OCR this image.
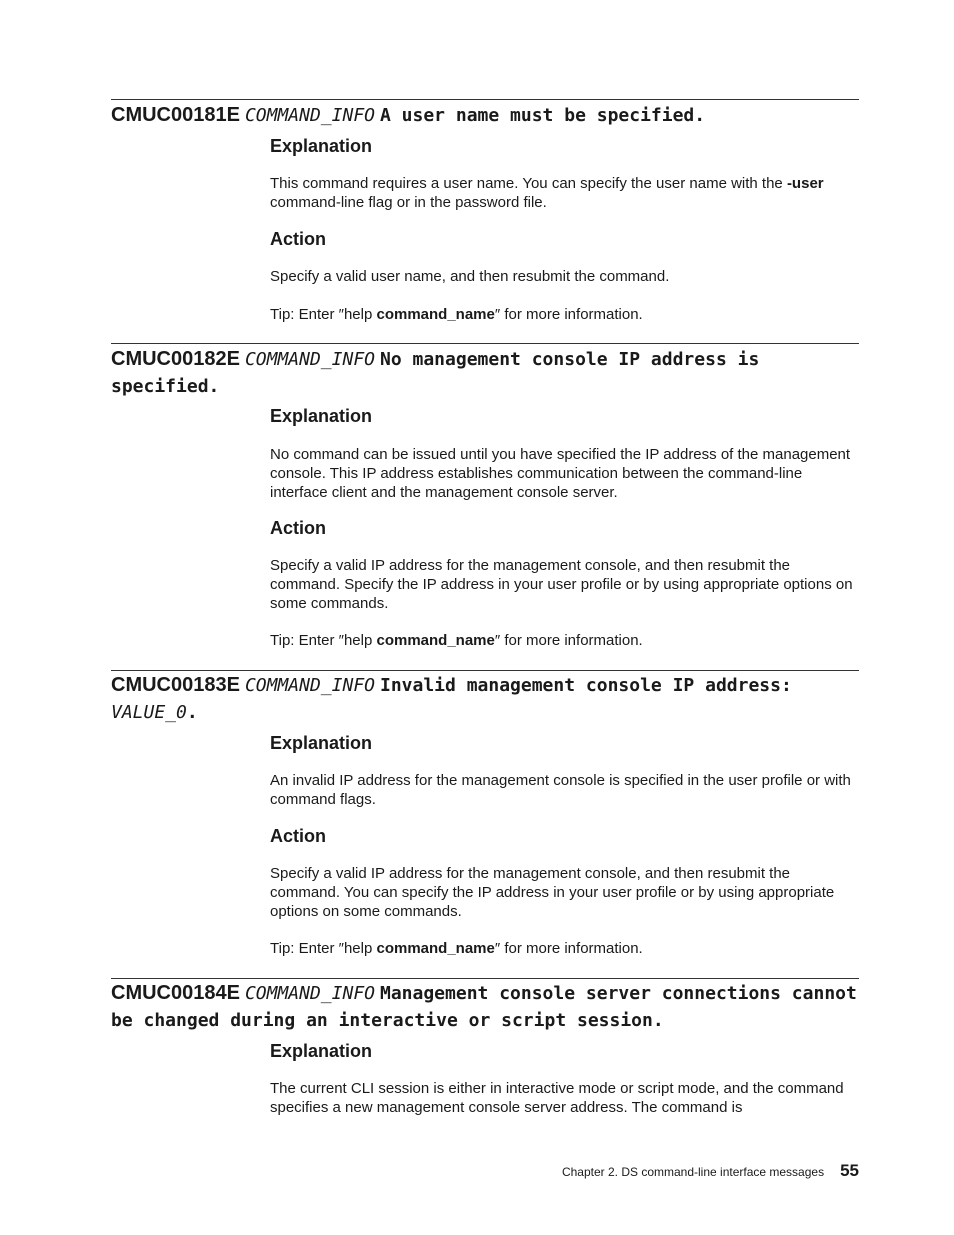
CMUC00181E COMMAND_INFO A user name must be specified.
Explanation

This command requires a user name. You can specify the user name with the -user command-line flag or in the password file.

Action

Specify a valid user name, and then resubmit the command.

Tip: Enter ″help command_name″ for more information.

CMUC00182E COMMAND_INFO No management console IP address is specified.
Explanation

No command can be issued until you have specified the IP address of the management console. This IP address establishes communication between the command-line interface client and the management console server.

Action

Specify a valid IP address for the management console, and then resubmit the command. Specify the IP address in your user profile or by using appropriate options on some commands.

Tip: Enter ″help command_name″ for more information.

CMUC00183E COMMAND_INFO Invalid management console IP address: VALUE_0.
Explanation

An invalid IP address for the management console is specified in the user profile or with command flags.

Action

Specify a valid IP address for the management console, and then resubmit the command. You can specify the IP address in your user profile or by using appropriate options on some commands.

Tip: Enter ″help command_name″ for more information.

CMUC00184E COMMAND_INFO Management console server connections cannot be changed during an interactive or script session.
Explanation

The current CLI session is either in interactive mode or script mode, and the command specifies a new management console server address. The command is

Chapter 2. DS command-line interface messages 55
